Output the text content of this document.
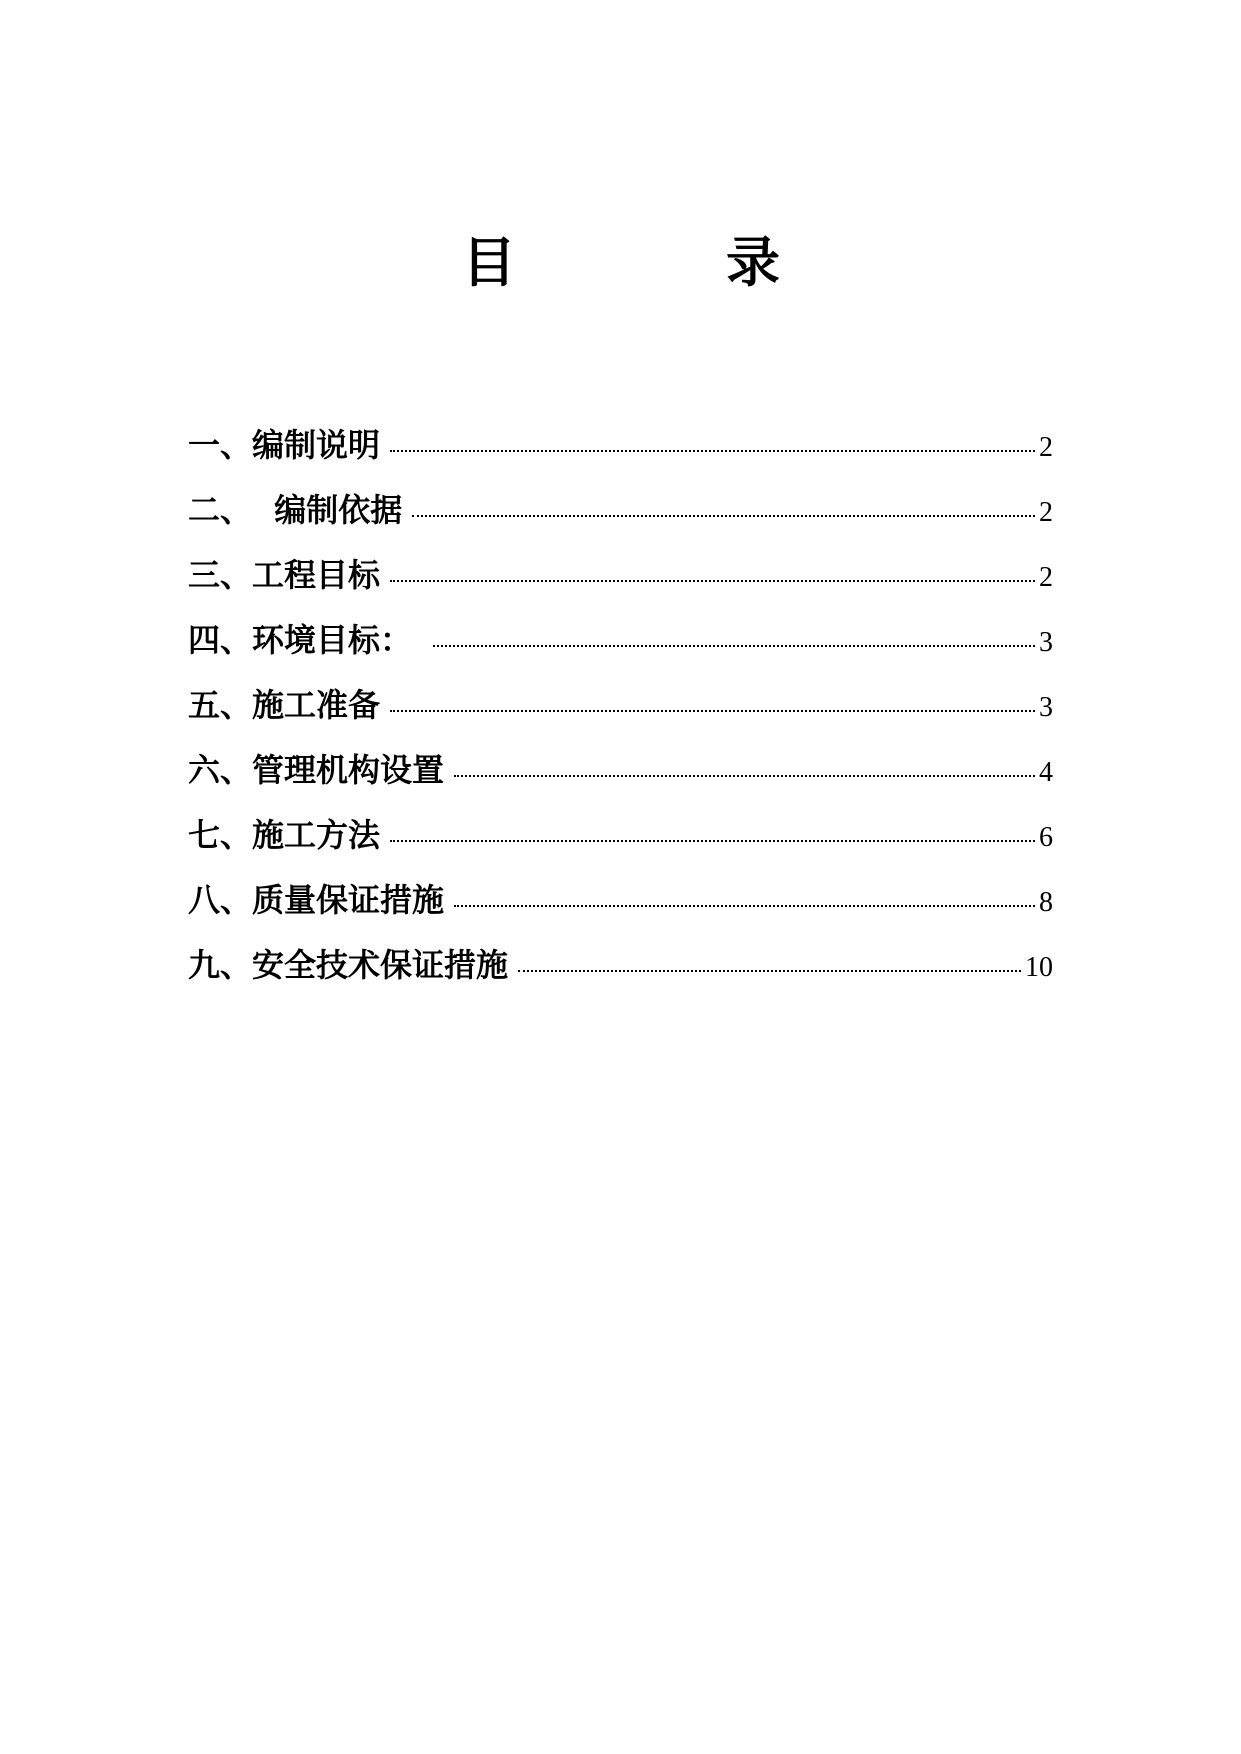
目	录
一、编制说明	2
二、  编制依据	2
三、工程目标	2
四、环境目标：	3
五、施工准备	3
六、管理机构设置	4
七、施工方法	6
八、质量保证措施	8
九、安全技术保证措施	10
